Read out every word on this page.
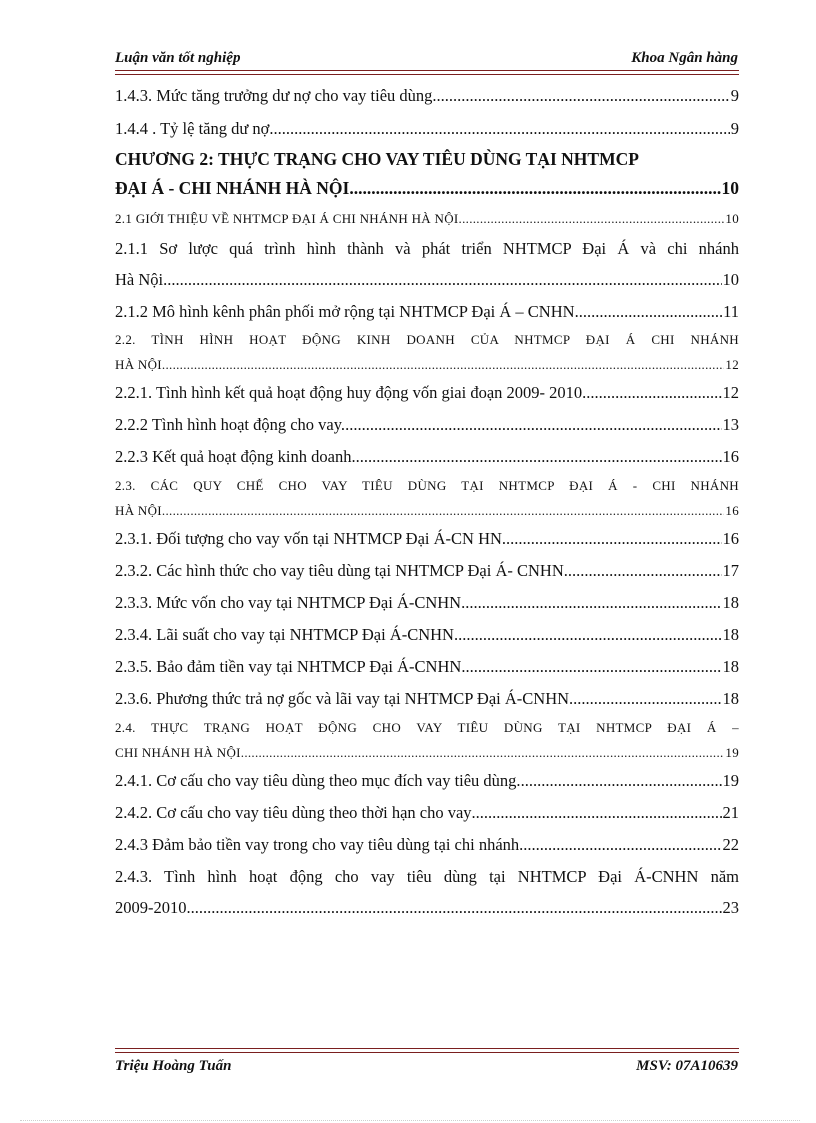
Luận văn tốt nghiệp	Khoa Ngân hàng
1.4.3. Mức tăng trưởng dư nợ cho vay tiêu dùng. .....	9
1.4.4 . Tỷ lệ tăng dư nợ .....	9
CHƯƠNG 2: THỰC TRẠNG CHO VAY TIÊU DÙNG TẠI NHTMCP
ĐẠI Á - CHI NHÁNH HÀ NỘI .....	10
2.1 GIỚI THIỆU VỀ NHTMCP ĐẠI Á CHI NHÁNH HÀ NỘI. .....	10
2.1.1 Sơ lược quá trình hình thành và phát triển NHTMCP Đại Á và chi nhánh
Hà Nội. .....	10
2.1.2 Mô hình kênh phân phối mở rộng tại NHTMCP Đại Á – CNHN .....	11
2.2. TÌNH HÌNH HOẠT ĐỘNG KINH DOANH CỦA NHTMCP ĐẠI Á CHI NHÁNH
HÀ NỘI. .....	12
2.2.1. Tình hình kết quả hoạt động huy động vốn giai đoạn 2009- 2010. .....	12
2.2.2 Tình hình hoạt động cho vay. .....	13
2.2.3 Kết quả hoạt động kinh doanh .....	16
2.3. CÁC QUY CHẾ CHO VAY TIÊU DÙNG TẠI NHTMCP ĐẠI Á - CHI NHÁNH
HÀ NỘI. .....	16
2.3.1. Đối tượng cho vay vốn tại NHTMCP Đại Á-CN HN .....	16
2.3.2. Các hình thức cho vay tiêu dùng tại NHTMCP Đại Á- CNHN .....	17
2.3.3. Mức vốn cho vay tại NHTMCP Đại Á-CNHN .....	18
2.3.4. Lãi suất cho vay tại NHTMCP Đại Á-CNHN .....	18
2.3.5. Bảo đảm tiền vay tại NHTMCP Đại Á-CNHN .....	18
2.3.6. Phương thức trả nợ gốc và lãi vay tại NHTMCP Đại Á-CNHN .....	18
2.4. THỰC TRẠNG HOẠT ĐỘNG CHO VAY TIÊU DÙNG TẠI NHTMCP ĐẠI Á –
CHI NHÁNH HÀ NỘI. .....	19
2.4.1. Cơ cấu cho vay tiêu dùng theo mục đích vay tiêu dùng. .....	19
2.4.2. Cơ cấu cho vay tiêu dùng theo thời hạn cho vay .....	21
2.4.3 Đảm bảo tiền vay trong cho vay tiêu dùng tại chi nhánh .....	22
2.4.3. Tình hình hoạt động cho vay tiêu dùng tại NHTMCP Đại Á-CNHN năm
2009-2010 .....	23
Triệu Hoàng Tuấn	MSV: 07A10639
